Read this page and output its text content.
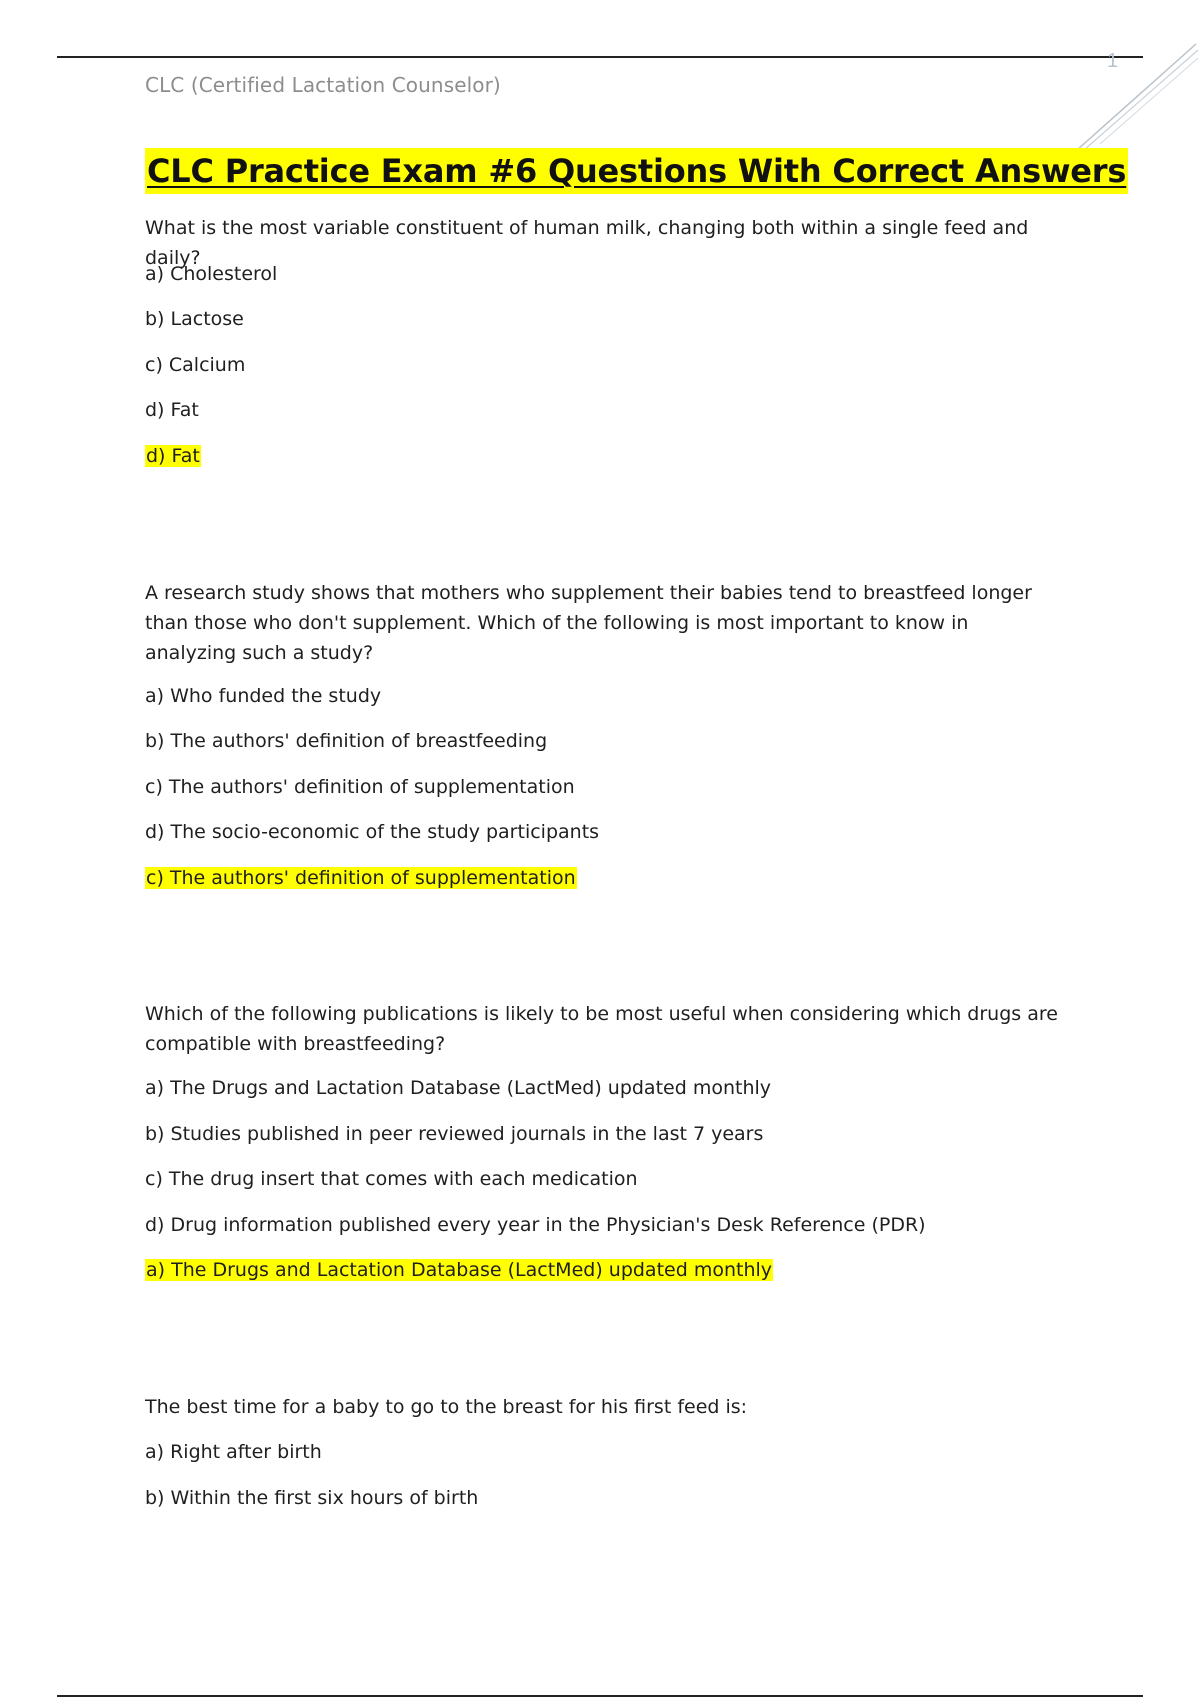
1
CLC (Certified Lactation Counselor)
CLC Practice Exam #6 Questions With Correct Answers

What is the most variable constituent of human milk, changing both within a single feed and daily?

a) Cholesterol
b) Lactose
c) Calcium
d) Fat
d) Fat

A research study shows that mothers who supplement their babies tend to breastfeed longer than those who don't supplement. Which of the following is most important to know in analyzing such a study?

a) Who funded the study
b) The authors' definition of breastfeeding
c) The authors' definition of supplementation
d) The socio-economic of the study participants
c) The authors' definition of supplementation

Which of the following publications is likely to be most useful when considering which drugs are compatible with breastfeeding?

a) The Drugs and Lactation Database (LactMed) updated monthly
b) Studies published in peer reviewed journals in the last 7 years
c) The drug insert that comes with each medication
d) Drug information published every year in the Physician's Desk Reference (PDR)
a) The Drugs and Lactation Database (LactMed) updated monthly

The best time for a baby to go to the breast for his first feed is:

a) Right after birth
b) Within the first six hours of birth
